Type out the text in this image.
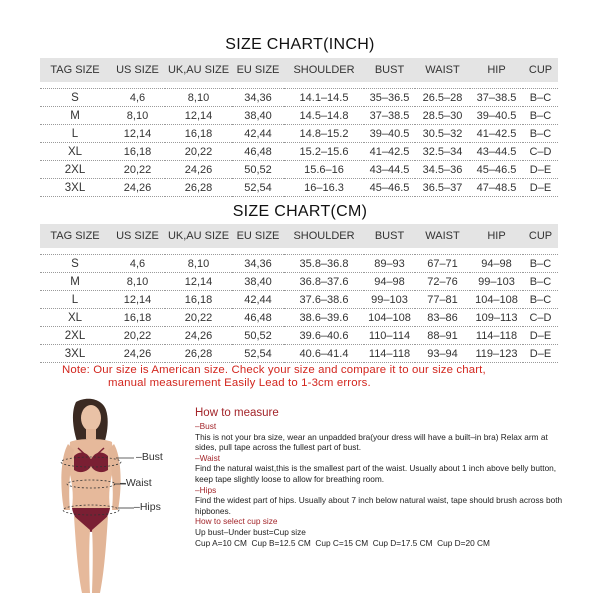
SIZE CHART(INCH)
TAG SIZE	US SIZE	UK,AU SIZE	EU SIZE	SHOULDER	BUST	WAIST	HIP	CUP

S	4,6	8,10	34,36	14.1–14.5	35–36.5	26.5–28	37–38.5	B–C
M	8,10	12,14	38,40	14.5–14.8	37–38.5	28.5–30	39–40.5	B–C
L	12,14	16,18	42,44	14.8–15.2	39–40.5	30.5–32	41–42.5	B–C
XL	16,18	20,22	46,48	15.2–15.6	41–42.5	32.5–34	43–44.5	C–D
2XL	20,22	24,26	50,52	15.6–16	43–44.5	34.5–36	45–46.5	D–E
3XL	24,26	26,28	52,54	16–16.3	45–46.5	36.5–37	47–48.5	D–E
SIZE CHART(CM)
TAG SIZE	US SIZE	UK,AU SIZE	EU SIZE	SHOULDER	BUST	WAIST	HIP	CUP

S	4,6	8,10	34,36	35.8–36.8	89–93	67–71	94–98	B–C
M	8,10	12,14	38,40	36.8–37.6	94–98	72–76	99–103	B–C
L	12,14	16,18	42,44	37.6–38.6	99–103	77–81	104–108	B–C
XL	16,18	20,22	46,48	38.6–39.6	104–108	83–86	109–113	C–D
2XL	20,22	24,26	50,52	39.6–40.6	110–114	88–91	114–118	D–E
3XL	24,26	26,28	52,54	40.6–41.4	114–118	93–94	119–123	D–E
Note: Our size is American size. Check your size and compare it to our size chart,
manual measurement Easily Lead to 1-3cm errors.
–Bust
–Waist
–Hips
How to measure
–Bust
This is not your bra size, wear an unpadded bra(your dress will have a built–in bra) Relax arm at sides, pull tape across the fullest part of bust.
–Waist
Find the natural waist,this is the smallest part of the waist. Usually about 1 inch above belly button, keep tape slightly loose to allow for breathing room.
–Hips
Find the widest part of hips. Usually about 7 inch below natural waist, tape should brush across both hipbones.
How to select cup size
Up bust–Under bust=Cup size
Cup A=10 CM  Cup B=12.5 CM  Cup C=15 CM  Cup D=17.5 CM  Cup D=20 CM
